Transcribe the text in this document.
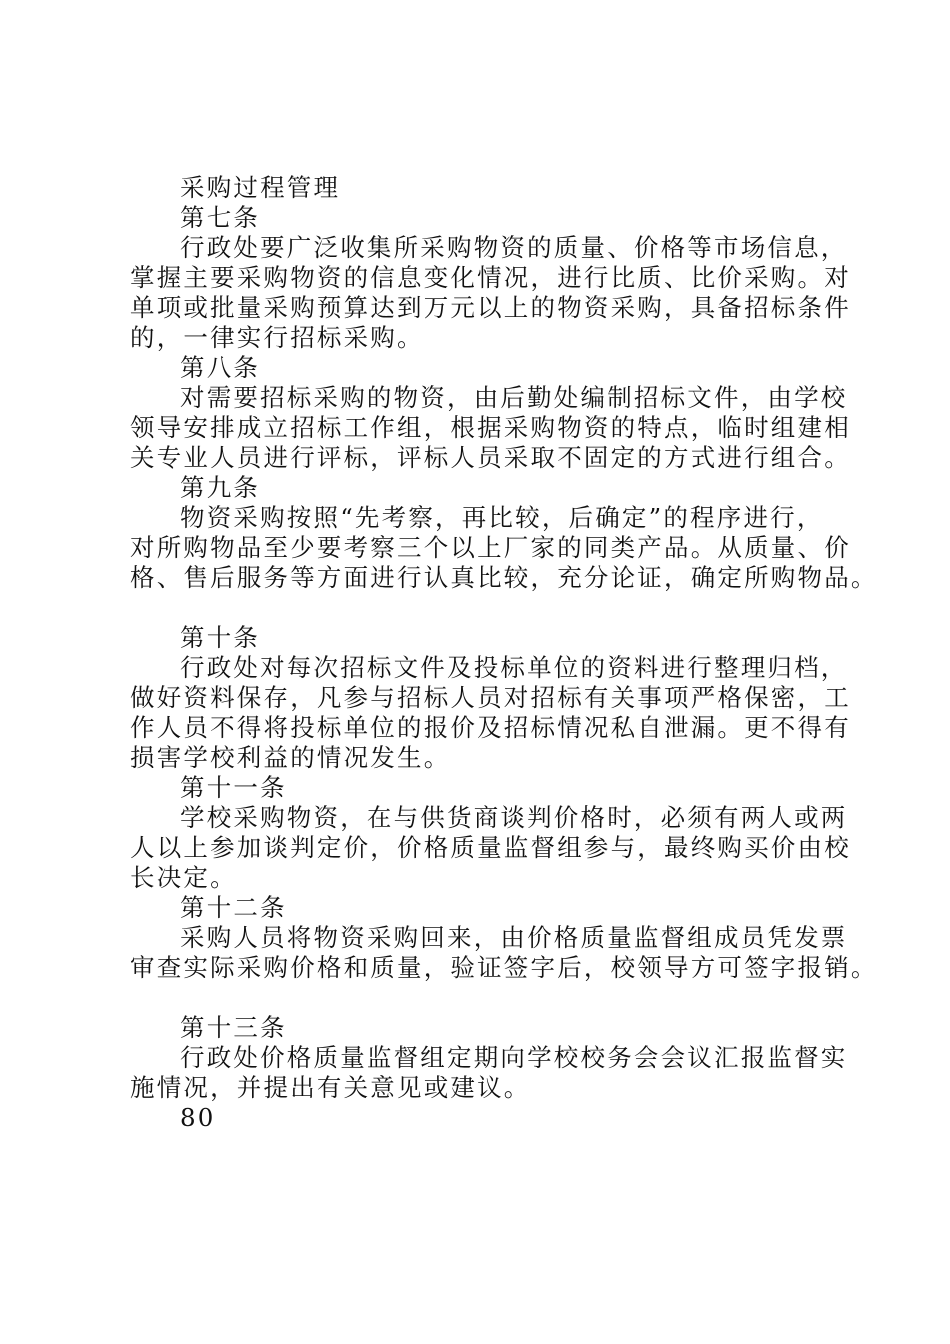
采购过程管理
第七条
行政处要广泛收集所采购物资的质量、价格等市场信息，
掌握主要采购物资的信息变化情况，进行比质、比价采购。对
单项或批量采购预算达到万元以上的物资采购，具备招标条件
的，一律实行招标采购。
第八条
对需要招标采购的物资，由后勤处编制招标文件，由学校
领导安排成立招标工作组，根据采购物资的特点，临时组建相
关专业人员进行评标，评标人员采取不固定的方式进行组合。
第九条
物资采购按照“先考察，再比较，后确定”的程序进行，
对所购物品至少要考察三个以上厂家的同类产品。从质量、价
格、售后服务等方面进行认真比较，充分论证，确定所购物品。
第十条
行政处对每次招标文件及投标单位的资料进行整理归档，
做好资料保存，凡参与招标人员对招标有关事项严格保密，工
作人员不得将投标单位的报价及招标情况私自泄漏。更不得有
损害学校利益的情况发生。
第十一条
学校采购物资，在与供货商谈判价格时，必须有两人或两
人以上参加谈判定价，价格质量监督组参与，最终购买价由校
长决定。
第十二条
采购人员将物资采购回来，由价格质量监督组成员凭发票
审查实际采购价格和质量，验证签字后，校领导方可签字报销。
第十三条
行政处价格质量监督组定期向学校校务会会议汇报监督实
施情况，并提出有关意见或建议。
80
